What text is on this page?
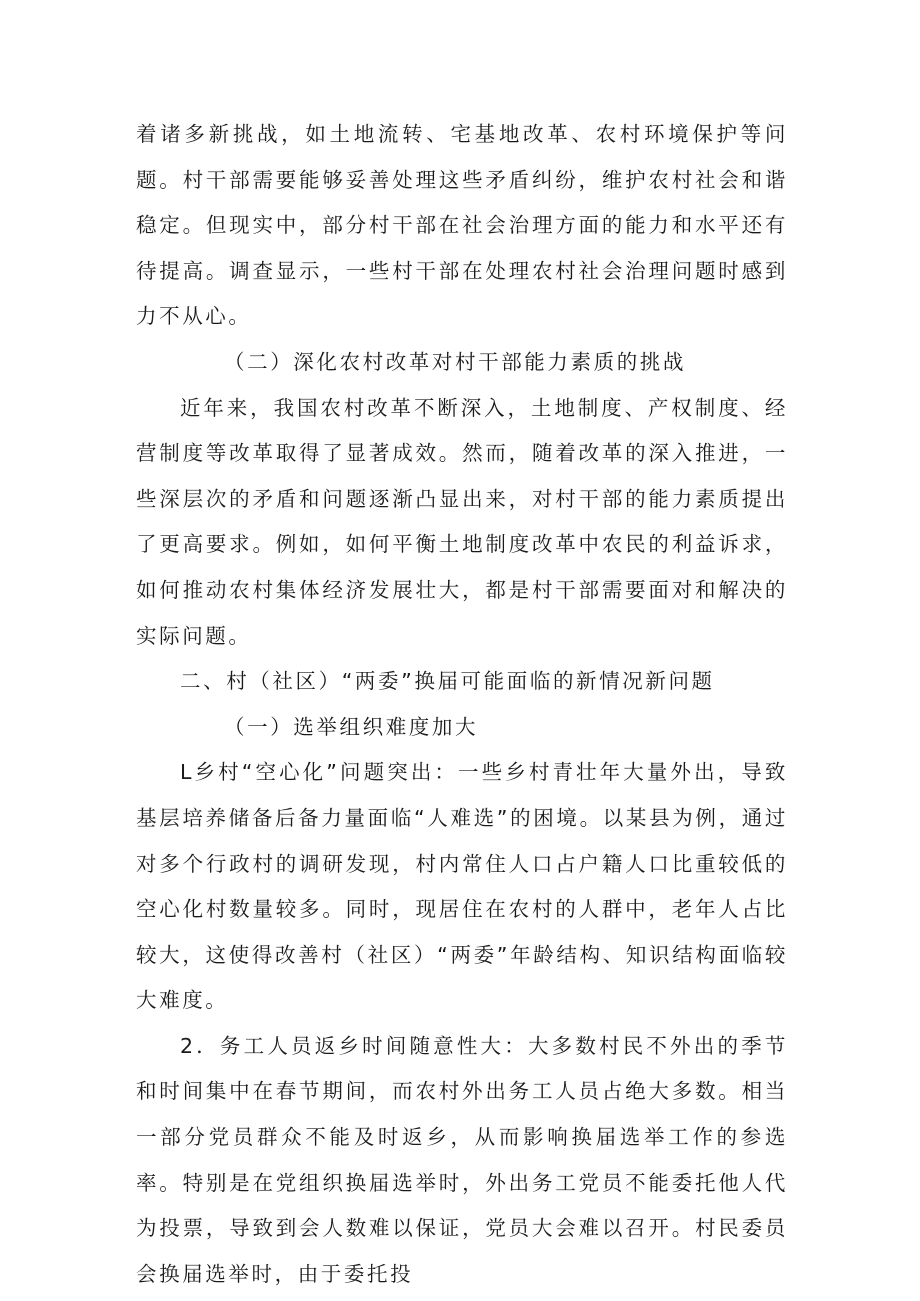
着诸多新挑战，如土地流转、宅基地改革、农村环境保护等问题。村干部需要能够妥善处理这些矛盾纠纷，维护农村社会和谐稳定。但现实中，部分村干部在社会治理方面的能力和水平还有待提高。调查显示，一些村干部在处理农村社会治理问题时感到力不从心。

（二）深化农村改革对村干部能力素质的挑战

近年来，我国农村改革不断深入，土地制度、产权制度、经营制度等改革取得了显著成效。然而，随着改革的深入推进，一些深层次的矛盾和问题逐渐凸显出来，对村干部的能力素质提出了更高要求。例如，如何平衡土地制度改革中农民的利益诉求，如何推动农村集体经济发展壮大，都是村干部需要面对和解决的实际问题。

二、村（社区）“两委”换届可能面临的新情况新问题

（一）选举组织难度加大

L乡村“空心化”问题突出：一些乡村青壮年大量外出，导致基层培养储备后备力量面临“人难选”的困境。以某县为例，通过对多个行政村的调研发现，村内常住人口占户籍人口比重较低的空心化村数量较多。同时，现居住在农村的人群中，老年人占比较大，这使得改善村（社区）“两委”年龄结构、知识结构面临较大难度。

2．务工人员返乡时间随意性大：大多数村民不外出的季节和时间集中在春节期间，而农村外出务工人员占绝大多数。相当一部分党员群众不能及时返乡，从而影响换届选举工作的参选率。特别是在党组织换届选举时，外出务工党员不能委托他人代为投票，导致到会人数难以保证，党员大会难以召开。村民委员会换届选举时，由于委托投
